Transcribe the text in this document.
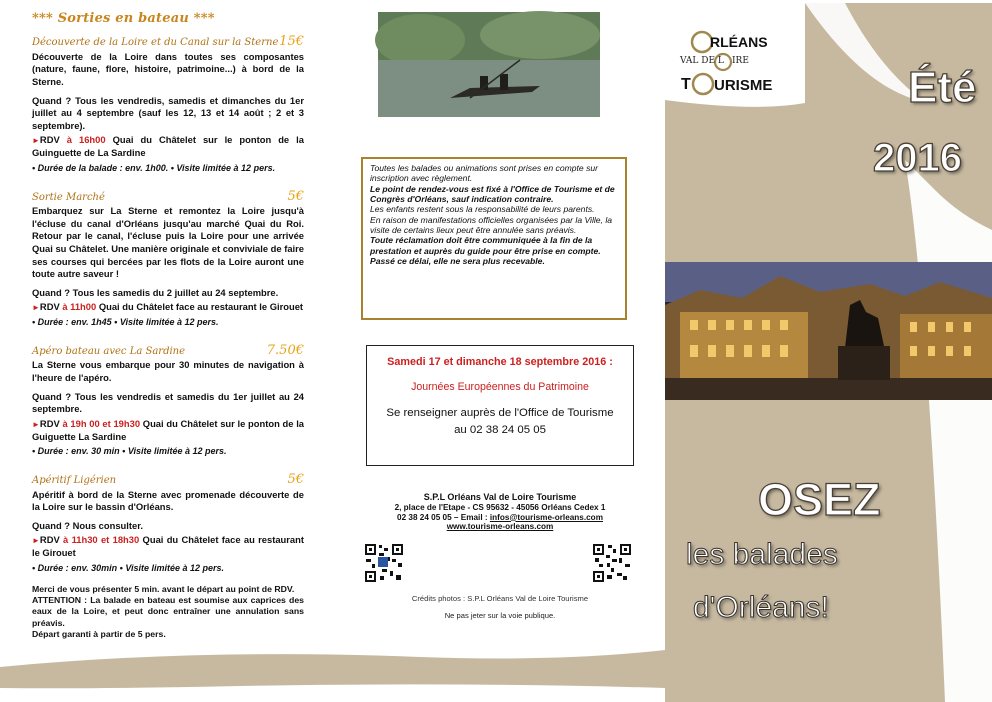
*** Sorties en bateau ***
Découverte de la Loire et du Canal sur la Sterne 15€

Découverte de la Loire dans toutes ses composantes (nature, faune, flore, histoire, patrimoine...) à bord de la Sterne.

Quand ? Tous les vendredis, samedis et dimanches du 1er juillet au 4 septembre (sauf les 12, 13 et 14 août ; 2 et 3 septembre).

►RDV à 16h00 Quai du Châtelet sur le ponton de la Guinguette de La Sardine

• Durée de la balade : env. 1h00. • Visite limitée à 12 pers.

Sortie Marché	5€

Embarquez sur La Sterne et remontez la Loire jusqu'à l'écluse du canal d'Orléans jusqu'au marché Quai du Roi. Retour par le canal, l'écluse puis la Loire pour une arrivée Quai su Châtelet. Une manière originale et conviviale de faire ses courses qui bercées par les flots de la Loire auront une toute autre saveur !

Quand ? Tous les samedis du 2 juillet au 24 septembre.

►RDV à 11h00 Quai du Châtelet face au restaurant le Girouet

• Durée : env. 1h45 • Visite limitée à 12 pers.

Apéro bateau avec La Sardine	7.50€

La Sterne vous embarque pour 30 minutes de navigation à l'heure de l'apéro.

Quand ? Tous les vendredis et samedis du 1er juillet au 24 septembre.

►RDV à 19h 00 et 19h30 Quai du Châtelet sur le ponton de la Guiguette La Sardine

• Durée : env. 30 min • Visite limitée à 12 pers.

Apéritif Ligérien	5€

Apéritif à bord de la Sterne avec promenade découverte de la Loire sur le bassin d'Orléans.

Quand ? Nous consulter.

►RDV à 11h30 et 18h30 Quai du Châtelet face au restaurant le Girouet

• Durée : env. 30min • Visite limitée à 12 pers.

Merci de vous présenter 5 min. avant le départ au point de RDV.

ATTENTION : La balade en bateau est soumise aux caprices des eaux de la Loire, et peut donc entraîner une annulation sans préavis.

Départ garanti à partir de 5 pers.

Toutes les balades ou animations sont prises en compte sur inscription avec règlement.
Le point de rendez-vous est fixé à l'Office de Tourisme et de Congrès d'Orléans, sauf indication contraire.
Les enfants restent sous la responsabilité de leurs parents.
En raison de manifestations officielles organisées par la Ville, la visite de certains lieux peut être annulée sans préavis.
Toute réclamation doit être communiquée à la fin de la prestation et auprès du guide pour être prise en compte.
Passé ce délai, elle ne sera plus recevable.
Samedi 17 et dimanche 18 septembre 2016 :
Journées Européennes du Patrimoine
Se renseigner auprès de l'Office de Tourisme
au 02 38 24 05 05
S.P.L Orléans Val de Loire Tourisme
2, place de l'Etape - CS 95632 - 45056 Orléans Cedex 1
02 38 24 05 05 – Email : infos@tourisme-orleans.com
www.tourisme-orleans.com
Crédits photos : S.P.L Orléans Val de Loire Tourisme
Ne pas jeter sur la voie publique.
RLÉANS
VAL DE L IRE
T URISME	Été
2016
OSEZ
les balades
d'Orléans!
